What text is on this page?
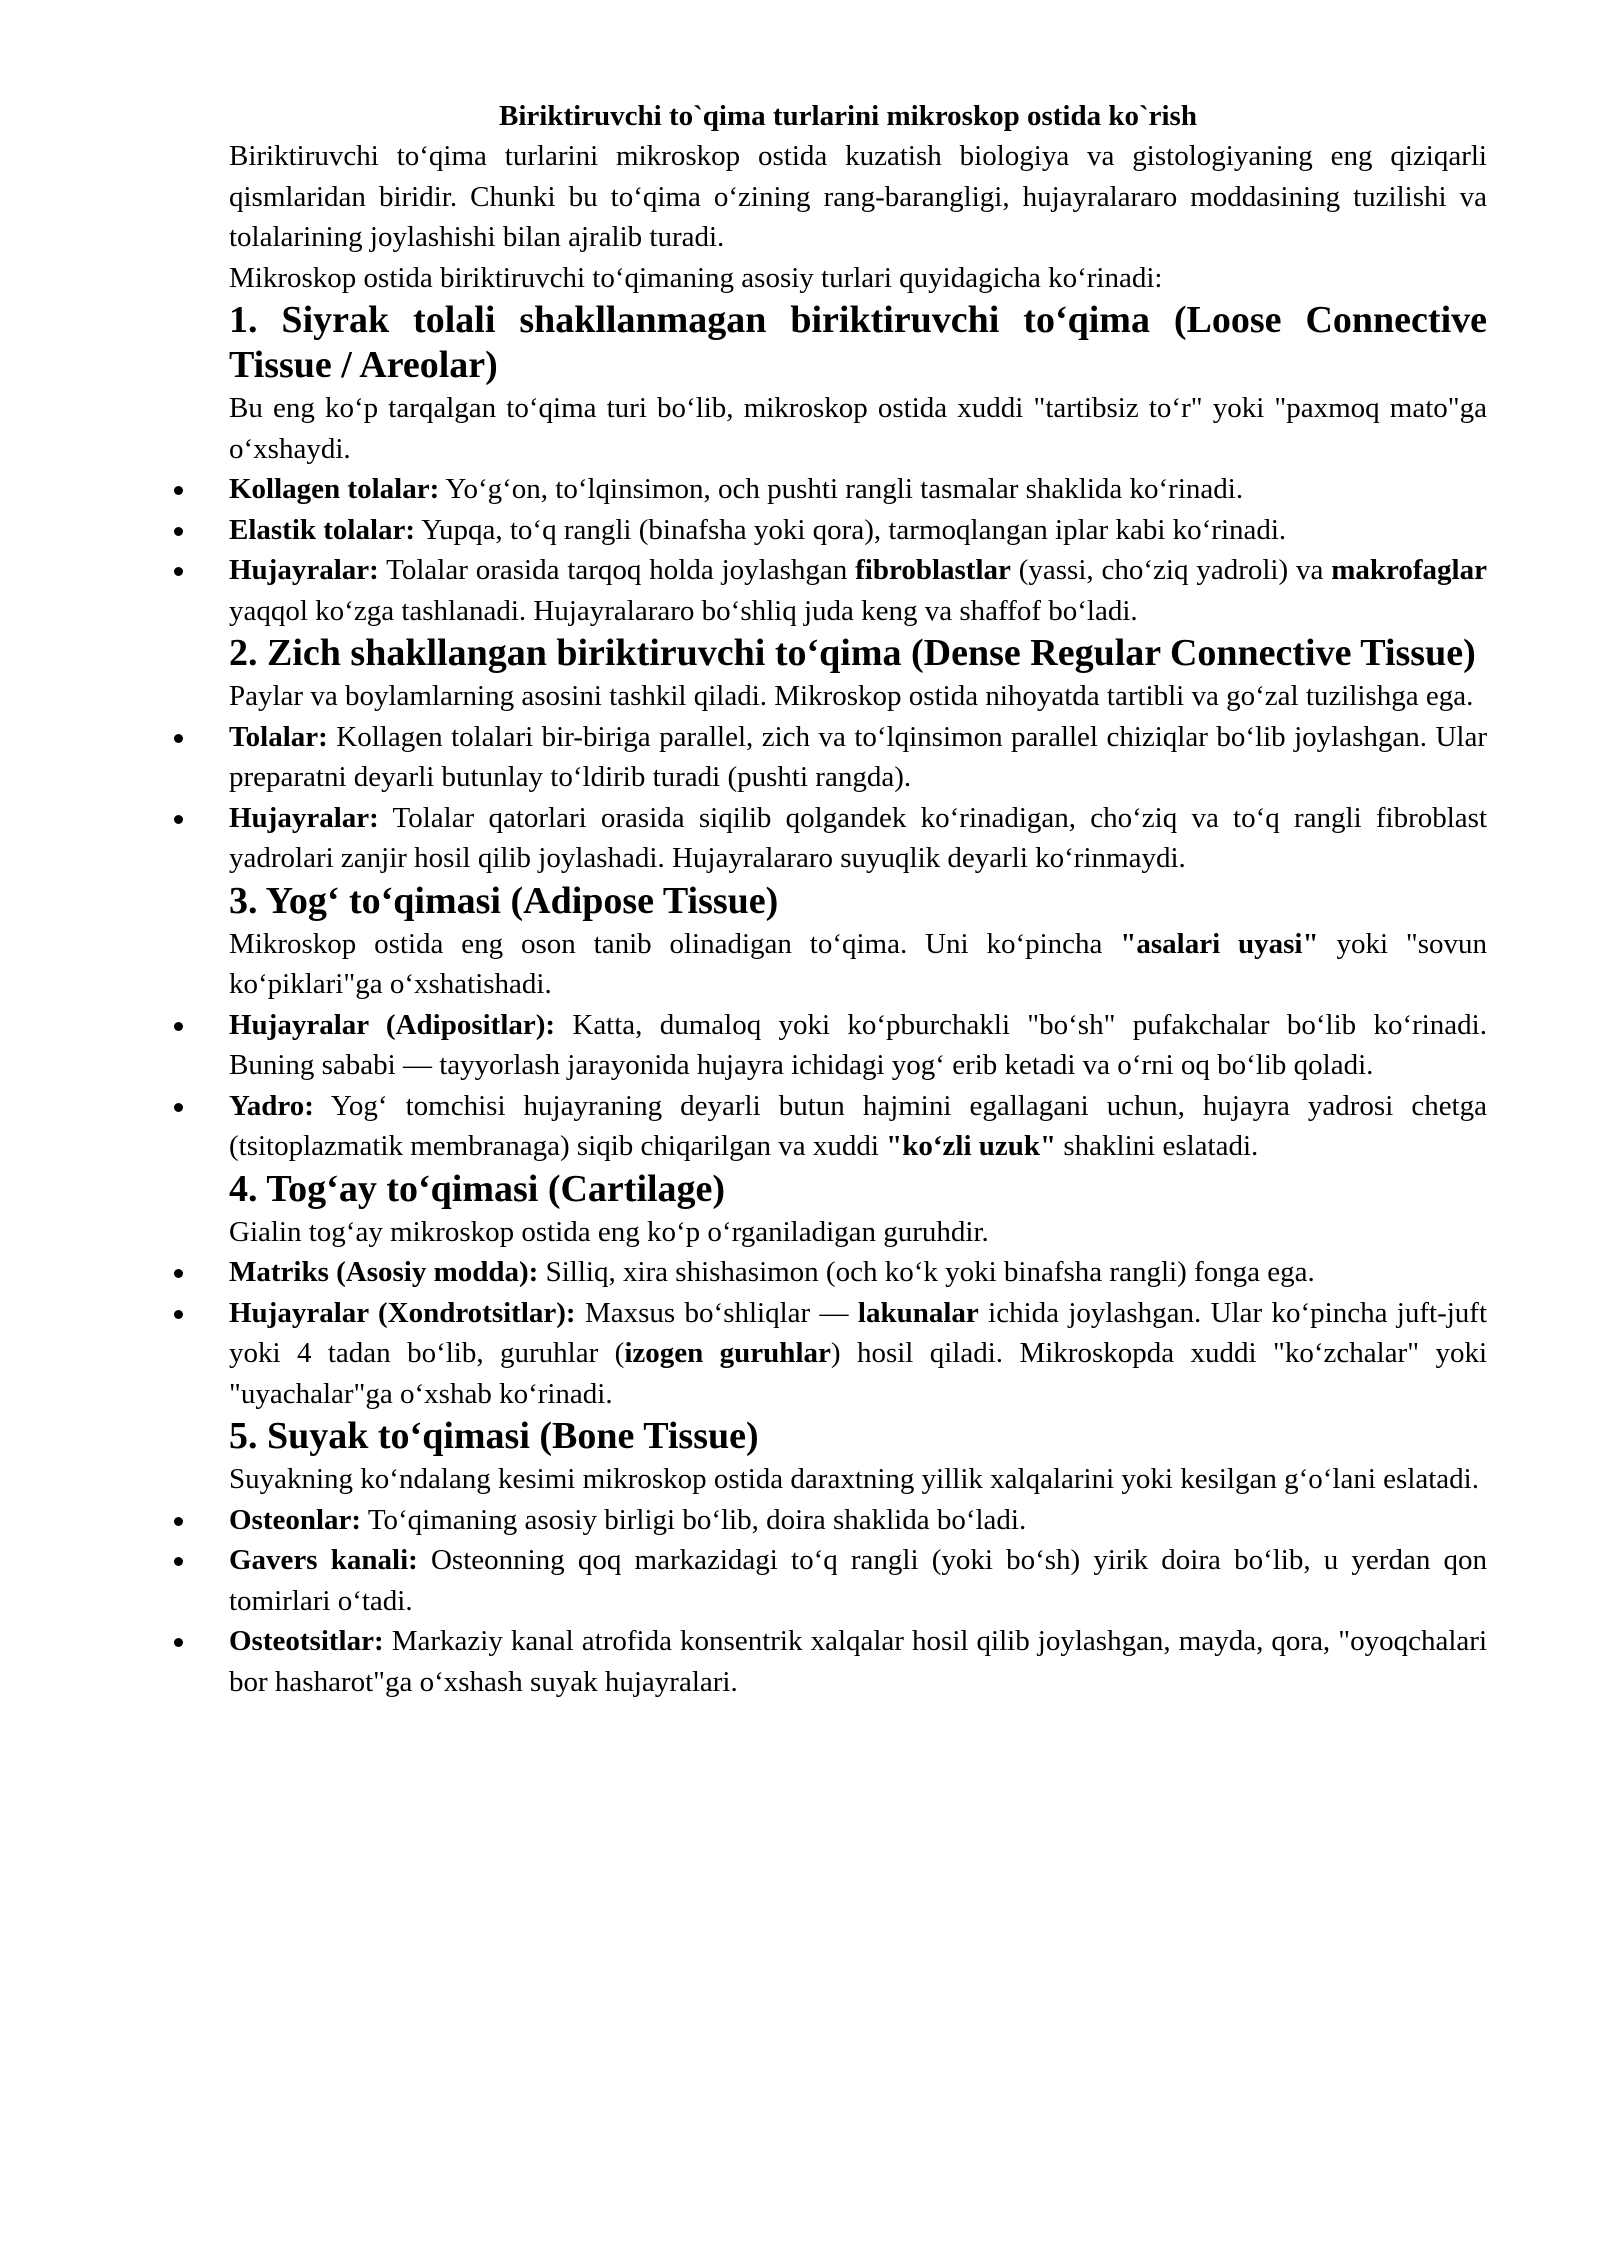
Biriktiruvchi to`qima turlarini mikroskop ostida ko`rish

Biriktiruvchi to‘qima turlarini mikroskop ostida kuzatish biologiya va gistologiyaning eng qiziqarli qismlaridan biridir. Chunki bu to‘qima o‘zining rang-barangligi, hujayralararo moddasining tuzilishi va tolalarining joylashishi bilan ajralib turadi.

Mikroskop ostida biriktiruvchi to‘qimaning asosiy turlari quyidagicha ko‘rinadi:

1. Siyrak tolali shakllanmagan biriktiruvchi to‘qima (Loose Connective Tissue / Areolar)

Bu eng ko‘p tarqalgan to‘qima turi bo‘lib, mikroskop ostida xuddi "tartibsiz to‘r" yoki "paxmoq mato"ga o‘xshaydi.

Kollagen tolalar: Yo‘g‘on, to‘lqinsimon, och pushti rangli tasmalar shaklida ko‘rinadi.
Elastik tolalar: Yupqa, to‘q rangli (binafsha yoki qora), tarmoqlangan iplar kabi ko‘rinadi.
Hujayralar: Tolalar orasida tarqoq holda joylashgan fibroblastlar (yassi, cho‘ziq yadroli) va makrofaglar yaqqol ko‘zga tashlanadi. Hujayralararo bo‘shliq juda keng va shaffof bo‘ladi.
2. Zich shakllangan biriktiruvchi to‘qima (Dense Regular Connective Tissue)

Paylar va boylamlarning asosini tashkil qiladi. Mikroskop ostida nihoyatda tartibli va go‘zal tuzilishga ega.

Tolalar: Kollagen tolalari bir-biriga parallel, zich va to‘lqinsimon parallel chiziqlar bo‘lib joylashgan. Ular preparatni deyarli butunlay to‘ldirib turadi (pushti rangda).
Hujayralar: Tolalar qatorlari orasida siqilib qolgandek ko‘rinadigan, cho‘ziq va to‘q rangli fibroblast yadrolari zanjir hosil qilib joylashadi. Hujayralararo suyuqlik deyarli ko‘rinmaydi.
3. Yog‘ to‘qimasi (Adipose Tissue)

Mikroskop ostida eng oson tanib olinadigan to‘qima. Uni ko‘pincha "asalari uyasi" yoki "sovun ko‘piklari"ga o‘xshatishadi.

Hujayralar (Adipositlar): Katta, dumaloq yoki ko‘pburchakli "bo‘sh" pufakchalar bo‘lib ko‘rinadi. Buning sababi — tayyorlash jarayonida hujayra ichidagi yog‘ erib ketadi va o‘rni oq bo‘lib qoladi.
Yadro: Yog‘ tomchisi hujayraning deyarli butun hajmini egallagani uchun, hujayra yadrosi chetga (tsitoplazmatik membranaga) siqib chiqarilgan va xuddi "ko‘zli uzuk" shaklini eslatadi.
4. Tog‘ay to‘qimasi (Cartilage)

Gialin tog‘ay mikroskop ostida eng ko‘p o‘rganiladigan guruhdir.

Matriks (Asosiy modda): Silliq, xira shishasimon (och ko‘k yoki binafsha rangli) fonga ega.
Hujayralar (Xondrotsitlar): Maxsus bo‘shliqlar — lakunalar ichida joylashgan. Ular ko‘pincha juft-juft yoki 4 tadan bo‘lib, guruhlar (izogen guruhlar) hosil qiladi. Mikroskopda xuddi "ko‘zchalar" yoki "uyachalar"ga o‘xshab ko‘rinadi.
5. Suyak to‘qimasi (Bone Tissue)

Suyakning ko‘ndalang kesimi mikroskop ostida daraxtning yillik xalqalarini yoki kesilgan g‘o‘lani eslatadi.

Osteonlar: To‘qimaning asosiy birligi bo‘lib, doira shaklida bo‘ladi.
Gavers kanali: Osteonning qoq markazidagi to‘q rangli (yoki bo‘sh) yirik doira bo‘lib, u yerdan qon tomirlari o‘tadi.
Osteotsitlar: Markaziy kanal atrofida konsentrik xalqalar hosil qilib joylashgan, mayda, qora, "oyoqchalari bor hasharot"ga o‘xshash suyak hujayralari.
